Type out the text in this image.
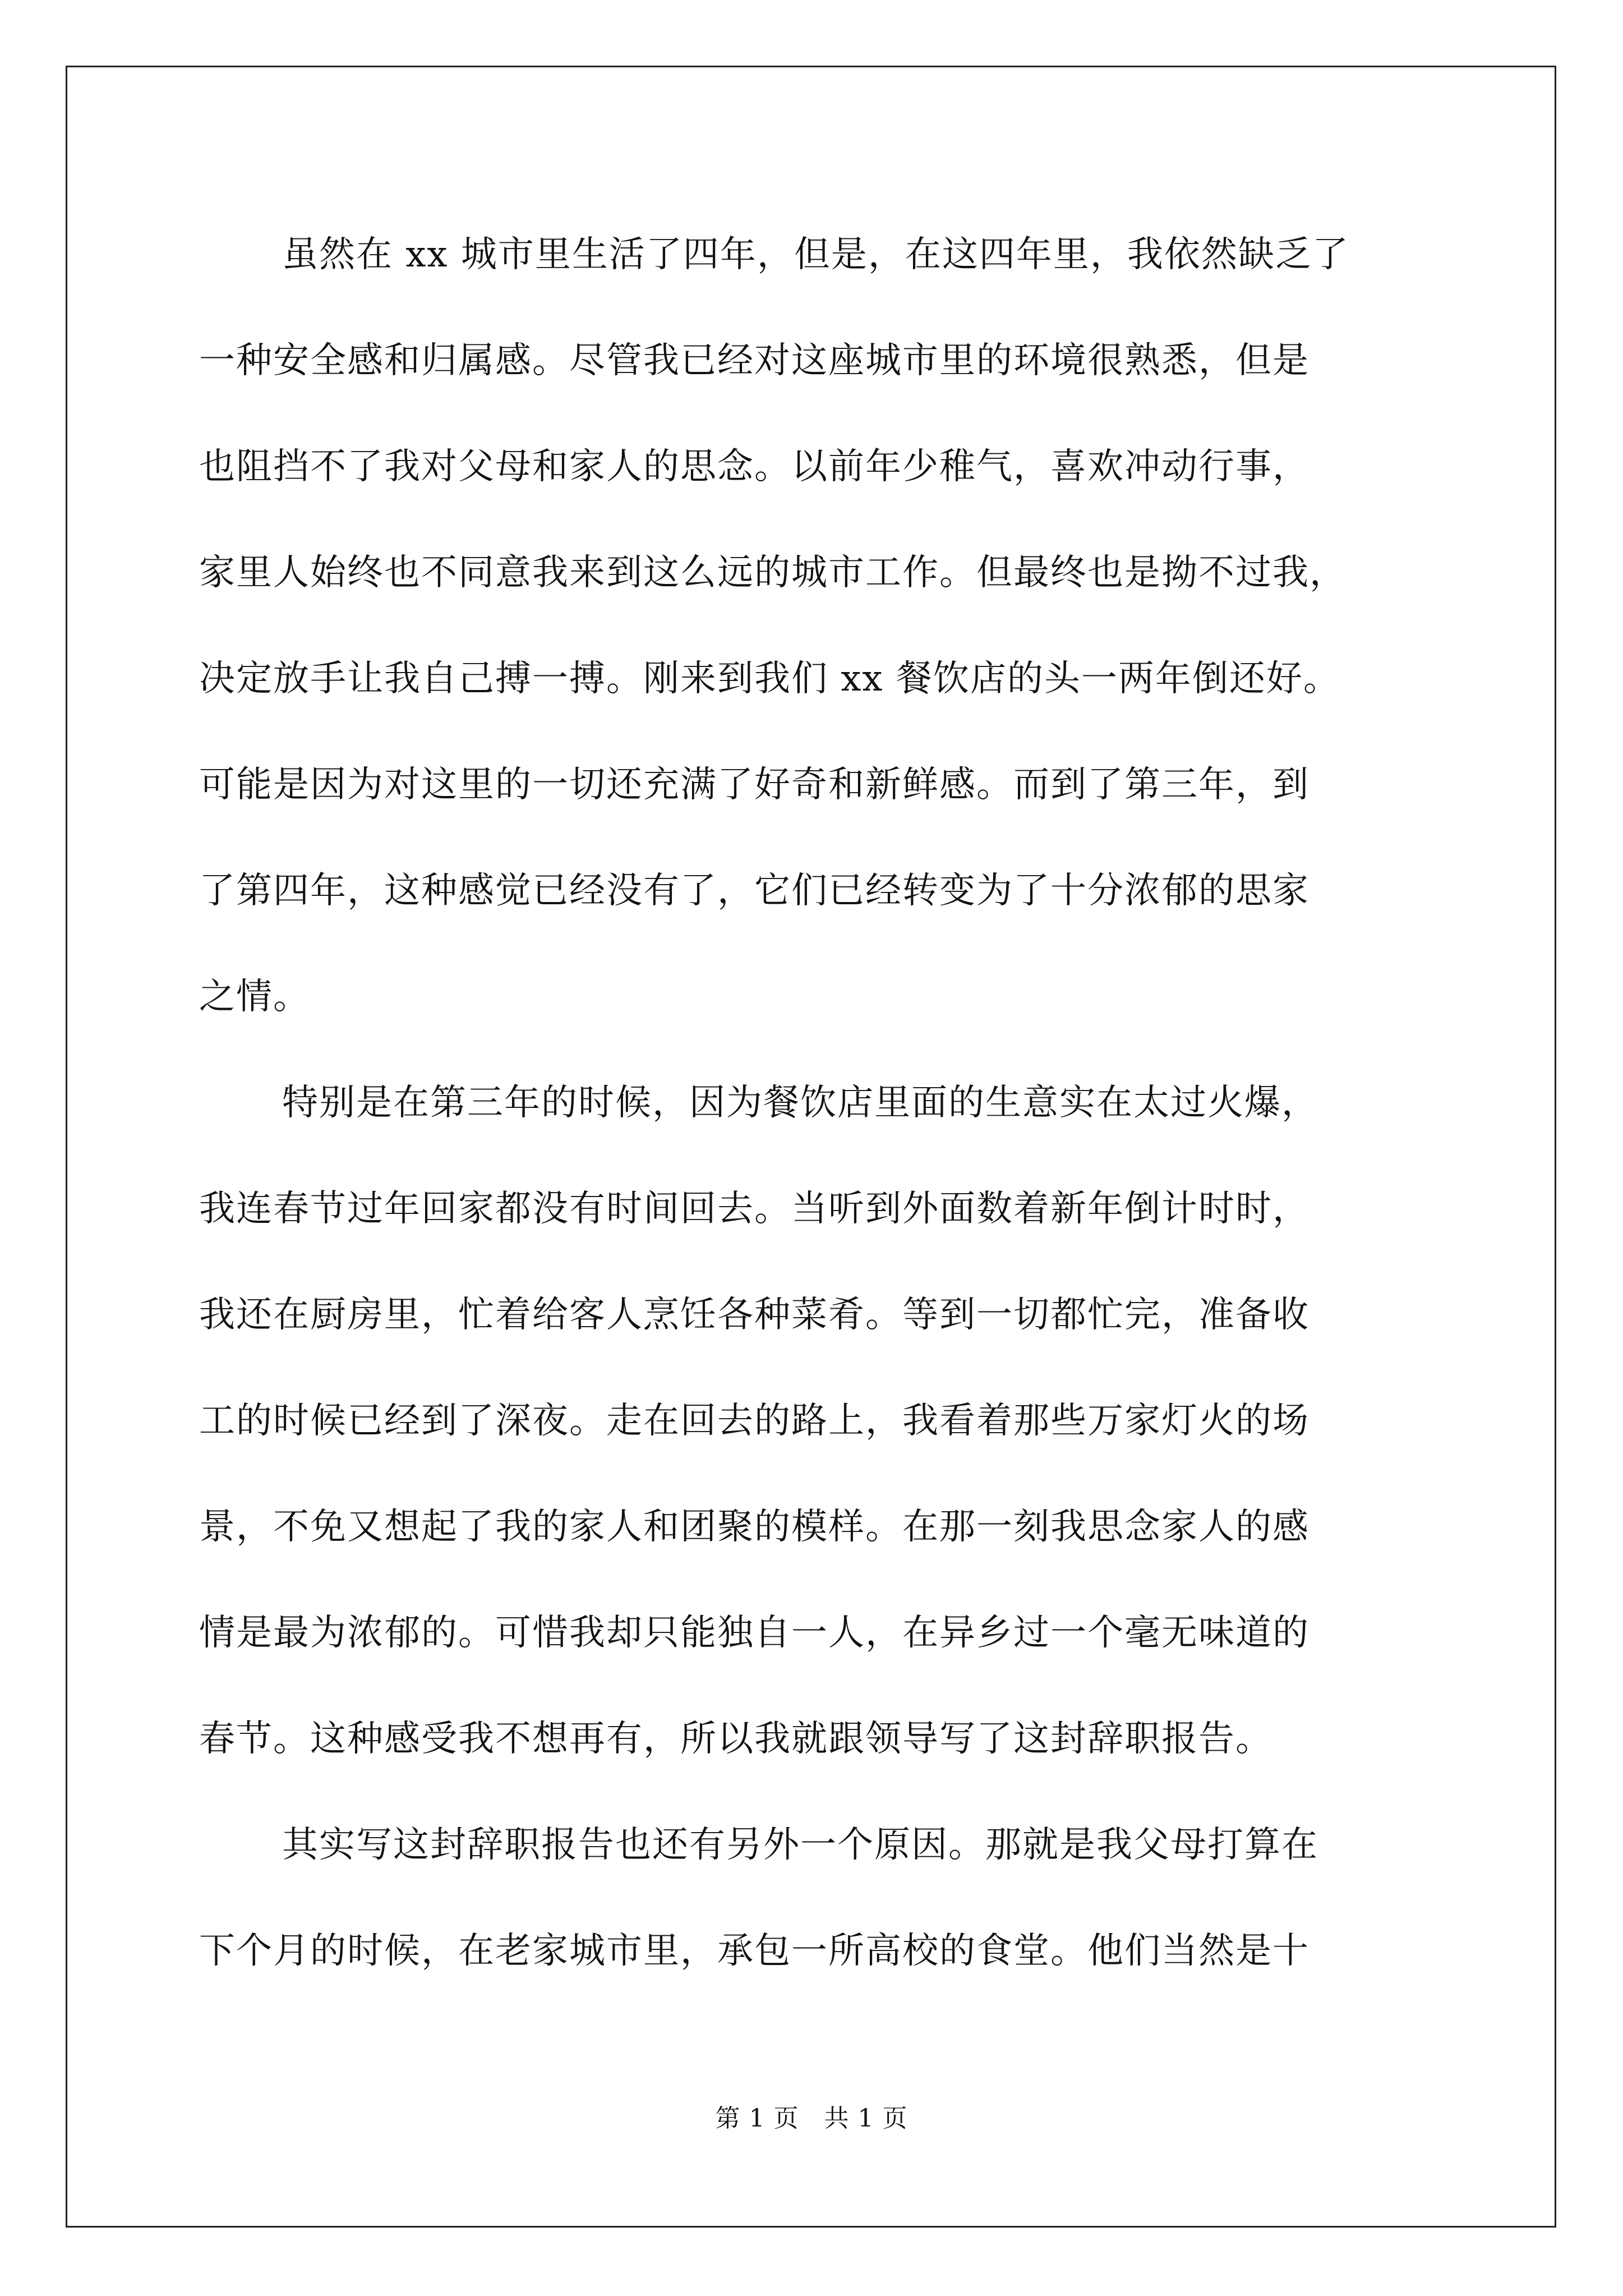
虽然在 xx 城市里生活了四年，但是，在这四年里，我依然缺乏了
一种安全感和归属感。尽管我已经对这座城市里的环境很熟悉，但是
也阻挡不了我对父母和家人的思念。以前年少稚气，喜欢冲动行事，
家里人始终也不同意我来到这么远的城市工作。但最终也是拗不过我，
决定放手让我自己搏一搏。刚来到我们 xx 餐饮店的头一两年倒还好。
可能是因为对这里的一切还充满了好奇和新鲜感。而到了第三年，到
了第四年，这种感觉已经没有了，它们已经转变为了十分浓郁的思家
之情。
特别是在第三年的时候，因为餐饮店里面的生意实在太过火爆，
我连春节过年回家都没有时间回去。当听到外面数着新年倒计时时，
我还在厨房里，忙着给客人烹饪各种菜肴。等到一切都忙完，准备收
工的时候已经到了深夜。走在回去的路上，我看着那些万家灯火的场
景，不免又想起了我的家人和团聚的模样。在那一刻我思念家人的感
情是最为浓郁的。可惜我却只能独自一人，在异乡过一个毫无味道的
春节。这种感受我不想再有，所以我就跟领导写了这封辞职报告。
其实写这封辞职报告也还有另外一个原因。那就是我父母打算在
下个月的时候，在老家城市里，承包一所高校的食堂。他们当然是十
第 1 页　共 1 页
